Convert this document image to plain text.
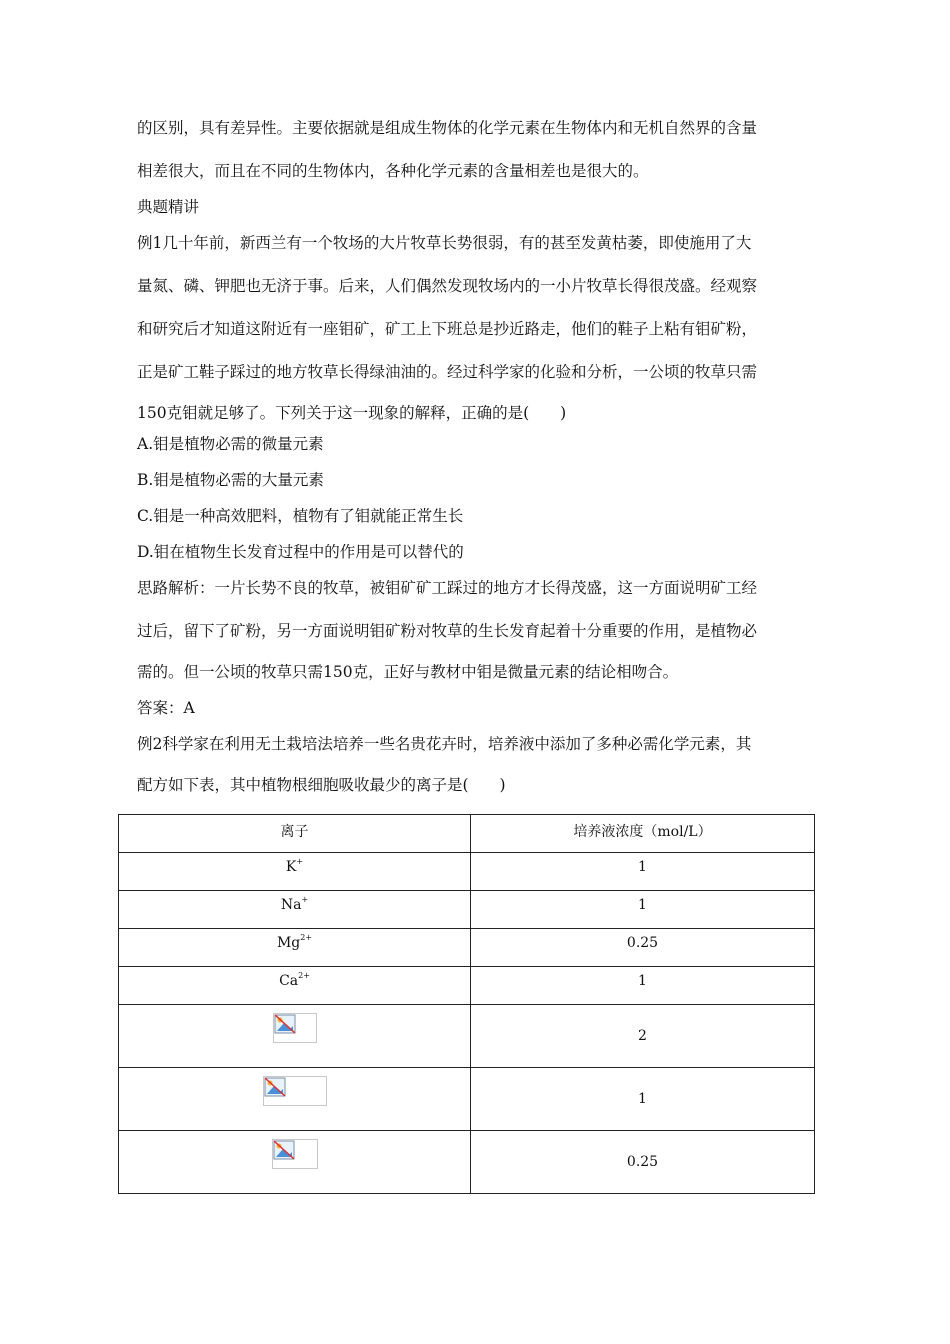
的区别，具有差异性。主要依据就是组成生物体的化学元素在生物体内和无机自然界的含量
相差很大，而且在不同的生物体内，各种化学元素的含量相差也是很大的。
典题精讲
例1几十年前，新西兰有一个牧场的大片牧草长势很弱，有的甚至发黄枯萎，即使施用了大
量氮、磷、钾肥也无济于事。后来，人们偶然发现牧场内的一小片牧草长得很茂盛。经观察
和研究后才知道这附近有一座钼矿，矿工上下班总是抄近路走，他们的鞋子上粘有钼矿粉，
正是矿工鞋子踩过的地方牧草长得绿油油的。经过科学家的化验和分析，一公顷的牧草只需
150克钼就足够了。下列关于这一现象的解释，正确的是(　　)
A.钼是植物必需的微量元素
B.钼是植物必需的大量元素
C.钼是一种高效肥料，植物有了钼就能正常生长
D.钼在植物生长发育过程中的作用是可以替代的
思路解析：一片长势不良的牧草，被钼矿矿工踩过的地方才长得茂盛，这一方面说明矿工经
过后，留下了矿粉，另一方面说明钼矿粉对牧草的生长发育起着十分重要的作用，是植物必
需的。但一公顷的牧草只需150克，正好与教材中钼是微量元素的结论相吻合。
答案：A
例2科学家在利用无土栽培法培养一些名贵花卉时，培养液中添加了多种必需化学元素，其
配方如下表，其中植物根细胞吸收最少的离子是(　　)
离子	培养液浓度（mol/L）
K+	1
Na+	1
$Mg^{2+}$	0.25
$Ca^{2+}$	1

	2

	1

	0.25
